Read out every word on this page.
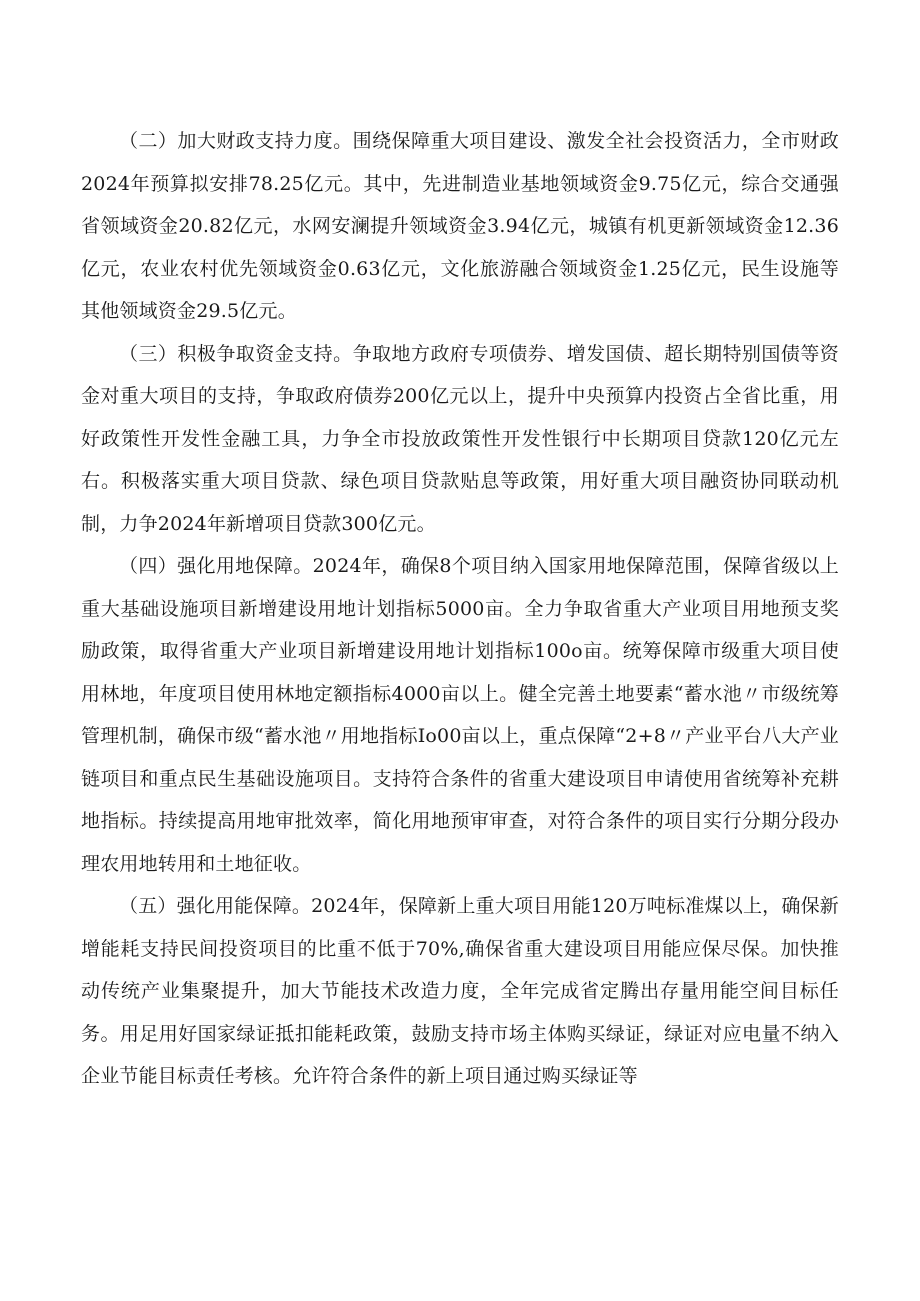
（二）加大财政支持力度。围绕保障重大项目建设、激发全社会投资活力，全市财政2024年预算拟安排78.25亿元。其中，先进制造业基地领域资金9.75亿元，综合交通强省领域资金20.82亿元，水网安澜提升领域资金3.94亿元，城镇有机更新领域资金12.36亿元，农业农村优先领域资金0.63亿元，文化旅游融合领域资金1.25亿元，民生设施等其他领域资金29.5亿元。

（三）积极争取资金支持。争取地方政府专项债券、增发国债、超长期特别国债等资金对重大项目的支持，争取政府债券200亿元以上，提升中央预算内投资占全省比重，用好政策性开发性金融工具，力争全市投放政策性开发性银行中长期项目贷款120亿元左右。积极落实重大项目贷款、绿色项目贷款贴息等政策，用好重大项目融资协同联动机制，力争2024年新增项目贷款300亿元。

（四）强化用地保障。2024年，确保8个项目纳入国家用地保障范围，保障省级以上重大基础设施项目新增建设用地计划指标5000亩。全力争取省重大产业项目用地预支奖励政策，取得省重大产业项目新增建设用地计划指标100o亩。统筹保障市级重大项目使用林地，年度项目使用林地定额指标4000亩以上。健全完善土地要素“蓄水池〃市级统筹管理机制，确保市级“蓄水池〃用地指标Io00亩以上，重点保障“2+8〃产业平台八大产业链项目和重点民生基础设施项目。支持符合条件的省重大建设项目申请使用省统筹补充耕地指标。持续提高用地审批效率，简化用地预审审查，对符合条件的项目实行分期分段办理农用地转用和土地征收。

（五）强化用能保障。2024年，保障新上重大项目用能120万吨标准煤以上，确保新增能耗支持民间投资项目的比重不低于70%,确保省重大建设项目用能应保尽保。加快推动传统产业集聚提升，加大节能技术改造力度，全年完成省定腾出存量用能空间目标任务。用足用好国家绿证抵扣能耗政策，鼓励支持市场主体购买绿证，绿证对应电量不纳入企业节能目标责任考核。允许符合条件的新上项目通过购买绿证等
